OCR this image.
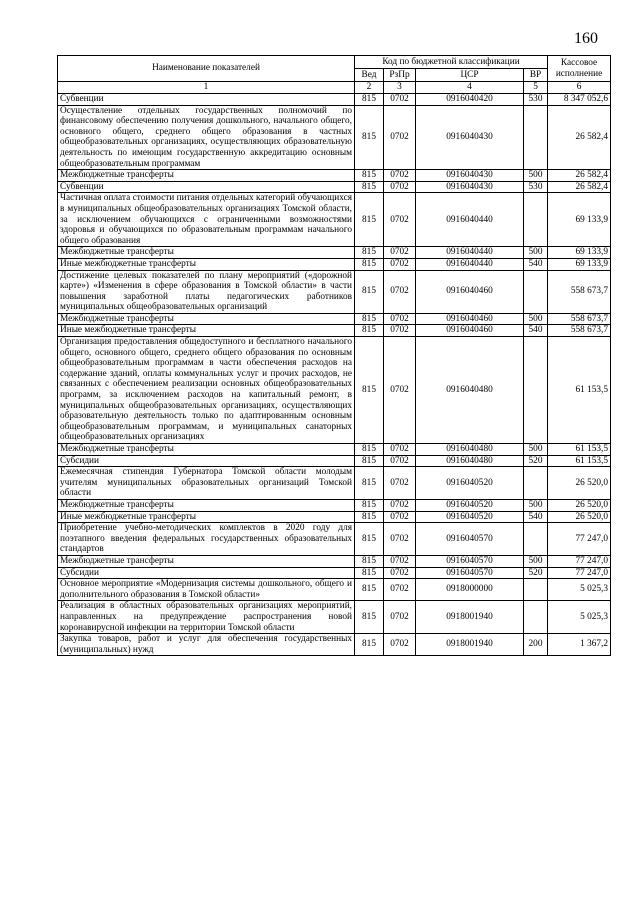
160
Наименование показателей	Код по бюджетной классификации				Кассовое исполнение
	Вед	РзПр	ЦСР	ВР	
1	2	3	4	5	6
Субвенции	815	0702	0916040420	530	8 347 052,6
Осуществление отдельных государственных полномочий по финансовому обеспечению получения дошкольного, начального общего, основного общего, среднего общего образования в частных общеобразовательных организациях, осуществляющих образовательную деятельность по имеющим государственную аккредитацию основным общеобразовательным программам	815	0702	0916040430		26 582,4
Межбюджетные трансферты	815	0702	0916040430	500	26 582,4
Субвенции	815	0702	0916040430	530	26 582,4
Частичная оплата стоимости питания отдельных категорий обучающихся в муниципальных общеобразовательных организациях Томской области, за исключением обучающихся с ограниченными возможностями здоровья и обучающихся по образовательным программам начального общего образования	815	0702	0916040440		69 133,9
Межбюджетные трансферты	815	0702	0916040440	500	69 133,9
Иные межбюджетные трансферты	815	0702	0916040440	540	69 133,9
Достижение целевых показателей по плану мероприятий («дорожной карте») «Изменения в сфере образования в Томской области» в части повышения заработной платы педагогических работников муниципальных общеобразовательных организаций	815	0702	0916040460		558 673,7
Межбюджетные трансферты	815	0702	0916040460	500	558 673,7
Иные межбюджетные трансферты	815	0702	0916040460	540	558 673,7
Организация предоставления общедоступного и бесплатного начального общего, основного общего, среднего общего образования по основным общеобразовательным программам в части обеспечения расходов на содержание зданий, оплаты коммунальных услуг и прочих расходов, не связанных с обеспечением реализации основных общеобразовательных программ, за исключением расходов на капитальный ремонт, в муниципальных общеобразовательных организациях, осуществляющих образовательную деятельность только по адаптированным основным общеобразовательным программам, и муниципальных санаторных общеобразовательных организациях	815	0702	0916040480		61 153,5
Межбюджетные трансферты	815	0702	0916040480	500	61 153,5
Субсидии	815	0702	0916040480	520	61 153,5
Ежемесячная стипендия Губернатора Томской области молодым учителям муниципальных образовательных организаций Томской области	815	0702	0916040520		26 520,0
Межбюджетные трансферты	815	0702	0916040520	500	26 520,0
Иные межбюджетные трансферты	815	0702	0916040520	540	26 520,0
Приобретение учебно-методических комплектов в 2020 году для поэтапного введения федеральных государственных образовательных стандартов	815	0702	0916040570		77 247,0
Межбюджетные трансферты	815	0702	0916040570	500	77 247,0
Субсидии	815	0702	0916040570	520	77 247,0
Основное мероприятие «Модернизация системы дошкольного, общего и дополнительного образования в Томской области»	815	0702	0918000000		5 025,3
Реализация в областных образовательных организациях мероприятий, направленных на предупреждение распространения новой коронавирусной инфекции на территории Томской области	815	0702	0918001940		5 025,3
Закупка товаров, работ и услуг для обеспечения государственных (муниципальных) нужд	815	0702	0918001940	200	1 367,2
